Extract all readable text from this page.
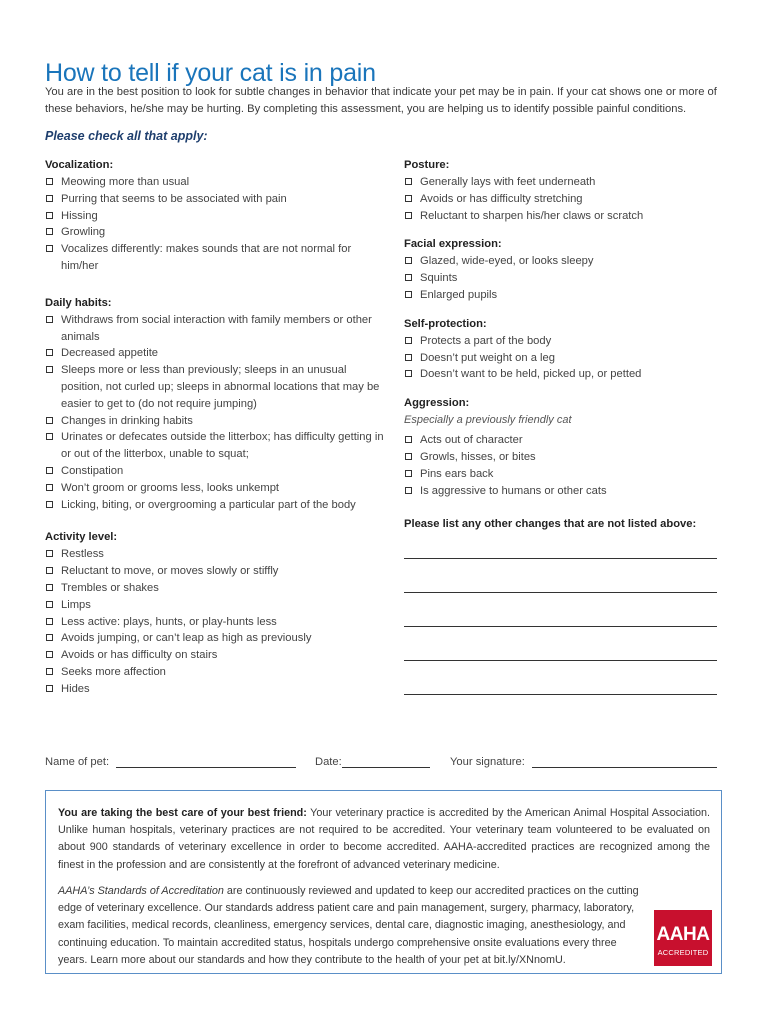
How to tell if your cat is in pain

You are in the best position to look for subtle changes in behavior that indicate your pet may be in pain. If your cat shows one or more of these behaviors, he/she may be hurting. By completing this assessment, you are helping us to identify possible painful conditions.

Please check all that apply:
Vocalization:
Meowing more than usual
Purring that seems to be associated with pain
Hissing
Growling
Vocalizes differently: makes sounds that are not normal for him/her
Daily habits:
Withdraws from social interaction with family members or other animals
Decreased appetite
Sleeps more or less than previously; sleeps in an unusual position, not curled up; sleeps in abnormal locations that may be easier to get to (do not require jumping)
Changes in drinking habits
Urinates or defecates outside the litterbox; has difficulty getting in or out of the litterbox, unable to squat;
Constipation
Won’t groom or grooms less, looks unkempt
Licking, biting, or overgrooming a particular part of the body
Activity level:
Restless
Reluctant to move, or moves slowly or stiffly
Trembles or shakes
Limps
Less active: plays, hunts, or play-hunts less
Avoids jumping, or can’t leap as high as previously
Avoids or has difficulty on stairs
Seeks more affection
Hides
Posture:
Generally lays with feet underneath
Avoids or has difficulty stretching
Reluctant to sharpen his/her claws or scratch
Facial expression:
Glazed, wide-eyed, or looks sleepy
Squints
Enlarged pupils
Self-protection:
Protects a part of the body
Doesn’t put weight on a leg
Doesn’t want to be held, picked up, or petted
Aggression:
Especially a previously friendly cat
Acts out of character
Growls, hisses, or bites
Pins ears back
Is aggressive to humans or other cats
Please list any other changes that are not listed above:
Name of pet:	Date:	Your signature:
You are taking the best care of your best friend: Your veterinary practice is accredited by the American Animal Hospital Association. Unlike human hospitals, veterinary practices are not required to be accredited. Your veterinary team volunteered to be evaluated on about 900 standards of veterinary excellence in order to become accredited. AAHA-accredited practices are recognized among the finest in the profession and are consistently at the forefront of advanced veterinary medicine.
AAHA’s Standards of Accreditation are continuously reviewed and updated to keep our accredited practices on the cutting edge of veterinary excellence. Our standards address patient care and pain management, surgery, pharmacy, laboratory, exam facilities, medical records, cleanliness, emergency services, dental care, diagnostic imaging, anesthesiology, and continuing education. To maintain accredited status, hospitals undergo comprehensive onsite evaluations every three years. Learn more about our standards and how they contribute to the health of your pet at bit.ly/XNnomU.
AAHA
ACCREDITED
